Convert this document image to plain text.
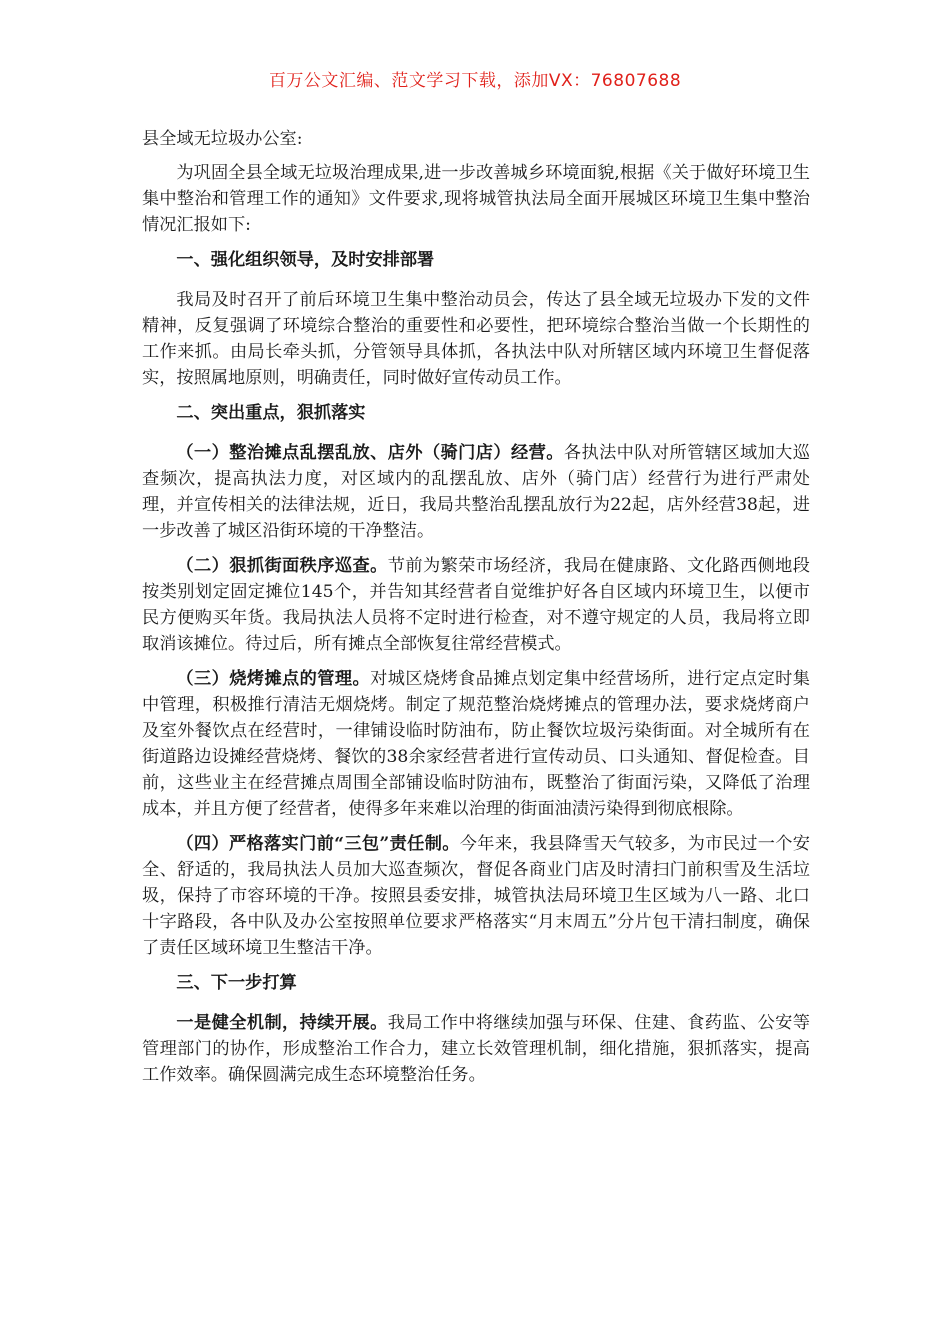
百万公文汇编、范文学习下载，添加VX：76807688

县全域无垃圾办公室:

为巩固全县全域无垃圾治理成果,进一步改善城乡环境面貌,根据《关于做好环境卫生集中整治和管理工作的通知》文件要求,现将城管执法局全面开展城区环境卫生集中整治情况汇报如下:

一、强化组织领导，及时安排部署

我局及时召开了前后环境卫生集中整治动员会，传达了县全域无垃圾办下发的文件精神，反复强调了环境综合整治的重要性和必要性，把环境综合整治当做一个长期性的工作来抓。由局长牵头抓，分管领导具体抓，各执法中队对所辖区域内环境卫生督促落实，按照属地原则，明确责任，同时做好宣传动员工作。

二、突出重点，狠抓落实

（一）整治摊点乱摆乱放、店外（骑门店）经营。各执法中队对所管辖区域加大巡查频次，提高执法力度，对区域内的乱摆乱放、店外（骑门店）经营行为进行严肃处理，并宣传相关的法律法规，近日，我局共整治乱摆乱放行为22起，店外经营38起，进一步改善了城区沿街环境的干净整洁。

（二）狠抓街面秩序巡查。节前为繁荣市场经济，我局在健康路、文化路西侧地段按类别划定固定摊位145个，并告知其经营者自觉维护好各自区域内环境卫生，以便市民方便购买年货。我局执法人员将不定时进行检查，对不遵守规定的人员，我局将立即取消该摊位。待过后，所有摊点全部恢复往常经营模式。

（三）烧烤摊点的管理。对城区烧烤食品摊点划定集中经营场所，进行定点定时集中管理，积极推行清洁无烟烧烤。制定了规范整治烧烤摊点的管理办法，要求烧烤商户及室外餐饮点在经营时，一律铺设临时防油布，防止餐饮垃圾污染街面。对全城所有在街道路边设摊经营烧烤、餐饮的38余家经营者进行宣传动员、口头通知、督促检查。目前，这些业主在经营摊点周围全部铺设临时防油布，既整治了街面污染，又降低了治理成本，并且方便了经营者，使得多年来难以治理的街面油渍污染得到彻底根除。

（四）严格落实门前“三包”责任制。今年来，我县降雪天气较多，为市民过一个安全、舒适的，我局执法人员加大巡查频次，督促各商业门店及时清扫门前积雪及生活垃圾，保持了市容环境的干净。按照县委安排，城管执法局环境卫生区域为八一路、北口十字路段，各中队及办公室按照单位要求严格落实“月末周五”分片包干清扫制度，确保了责任区域环境卫生整洁干净。

三、下一步打算

一是健全机制，持续开展。我局工作中将继续加强与环保、住建、食药监、公安等管理部门的协作，形成整治工作合力，建立长效管理机制，细化措施，狠抓落实，提高工作效率。确保圆满完成生态环境整治任务。
